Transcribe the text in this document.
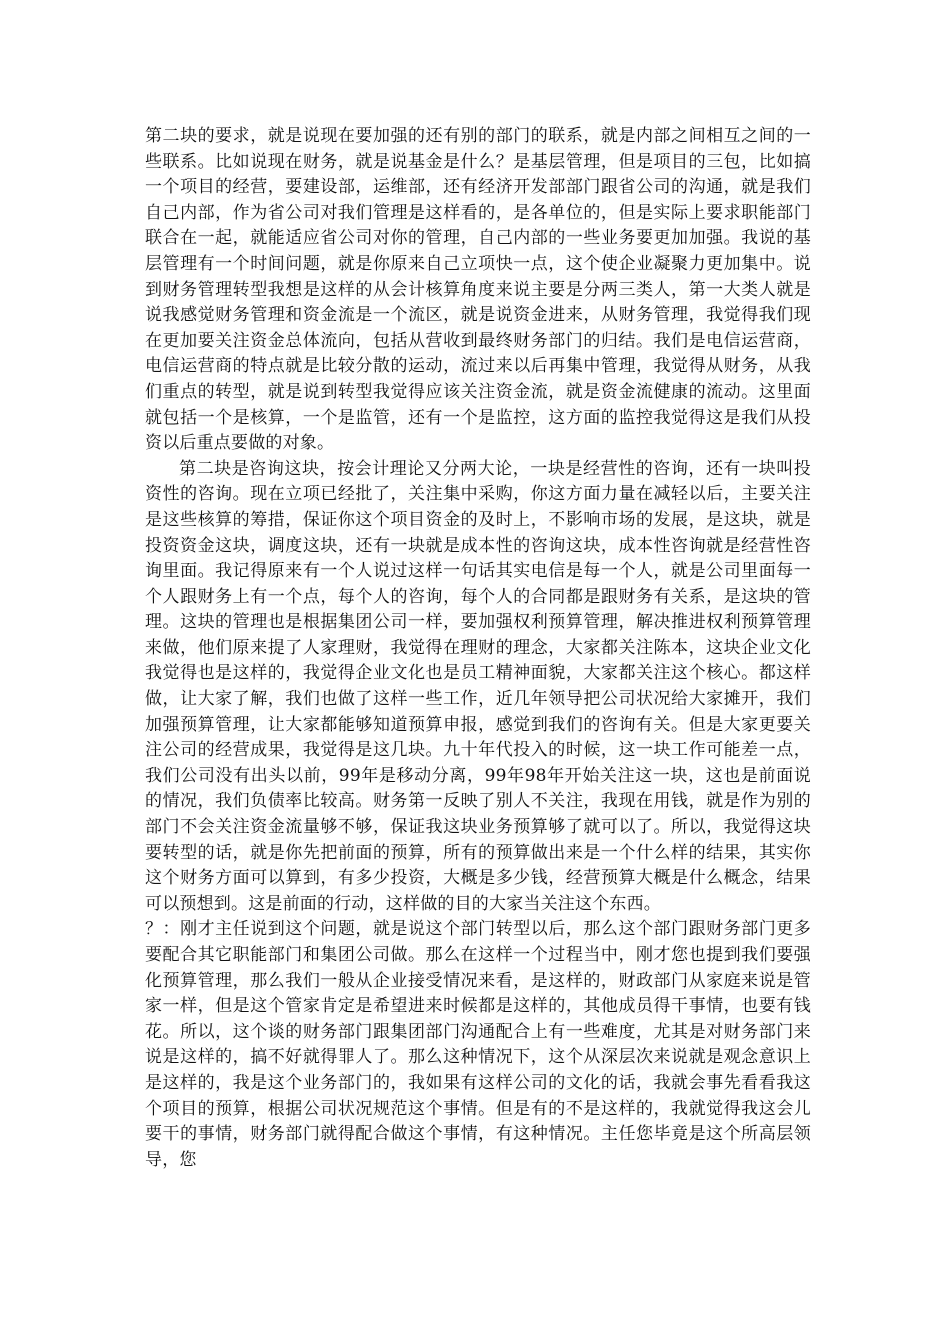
第二块的要求，就是说现在要加强的还有别的部门的联系，就是内部之间相互之间的一些联系。比如说现在财务，就是说基金是什么？是基层管理，但是项目的三包，比如搞一个项目的经营，要建设部，运维部，还有经济开发部部门跟省公司的沟通，就是我们自己内部，作为省公司对我们管理是这样看的，是各单位的，但是实际上要求职能部门联合在一起，就能适应省公司对你的管理，自己内部的一些业务要更加加强。我说的基层管理有一个时间问题，就是你原来自己立项快一点，这个使企业凝聚力更加集中。说到财务管理转型我想是这样的从会计核算角度来说主要是分两三类人，第一大类人就是说我感觉财务管理和资金流是一个流区，就是说资金进来，从财务管理，我觉得我们现在更加要关注资金总体流向，包括从营收到最终财务部门的归结。我们是电信运营商，电信运营商的特点就是比较分散的运动，流过来以后再集中管理，我觉得从财务，从我们重点的转型，就是说到转型我觉得应该关注资金流，就是资金流健康的流动。这里面就包括一个是核算，一个是监管，还有一个是监控，这方面的监控我觉得这是我们从投资以后重点要做的对象。

第二块是咨询这块，按会计理论又分两大论，一块是经营性的咨询，还有一块叫投资性的咨询。现在立项已经批了，关注集中采购，你这方面力量在减轻以后，主要关注是这些核算的筹措，保证你这个项目资金的及时上，不影响市场的发展，是这块，就是投资资金这块，调度这块，还有一块就是成本性的咨询这块，成本性咨询就是经营性咨询里面。我记得原来有一个人说过这样一句话其实电信是每一个人，就是公司里面每一个人跟财务上有一个点，每个人的咨询，每个人的合同都是跟财务有关系，是这块的管理。这块的管理也是根据集团公司一样，要加强权利预算管理，解决推进权利预算管理来做，他们原来提了人家理财，我觉得在理财的理念，大家都关注陈本，这块企业文化我觉得也是这样的，我觉得企业文化也是员工精神面貌，大家都关注这个核心。都这样做，让大家了解，我们也做了这样一些工作，近几年领导把公司状况给大家摊开，我们加强预算管理，让大家都能够知道预算申报，感觉到我们的咨询有关。但是大家更要关注公司的经营成果，我觉得是这几块。九十年代投入的时候，这一块工作可能差一点，我们公司没有出头以前，99年是移动分离，99年98年开始关注这一块，这也是前面说的情况，我们负债率比较高。财务第一反映了别人不关注，我现在用钱，就是作为别的部门不会关注资金流量够不够，保证我这块业务预算够了就可以了。所以，我觉得这块要转型的话，就是你先把前面的预算，所有的预算做出来是一个什么样的结果，其实你这个财务方面可以算到，有多少投资，大概是多少钱，经营预算大概是什么概念，结果可以预想到。这是前面的行动，这样做的目的大家当关注这个东西。

？：刚才主任说到这个问题，就是说这个部门转型以后，那么这个部门跟财务部门更多要配合其它职能部门和集团公司做。那么在这样一个过程当中，刚才您也提到我们要强化预算管理，那么我们一般从企业接受情况来看，是这样的，财政部门从家庭来说是管家一样，但是这个管家肯定是希望进来时候都是这样的，其他成员得干事情，也要有钱花。所以，这个谈的财务部门跟集团部门沟通配合上有一些难度，尤其是对财务部门来说是这样的，搞不好就得罪人了。那么这种情况下，这个从深层次来说就是观念意识上是这样的，我是这个业务部门的，我如果有这样公司的文化的话，我就会事先看看我这个项目的预算，根据公司状况规范这个事情。但是有的不是这样的，我就觉得我这会儿要干的事情，财务部门就得配合做这个事情，有这种情况。主任您毕竟是这个所高层领导，您
